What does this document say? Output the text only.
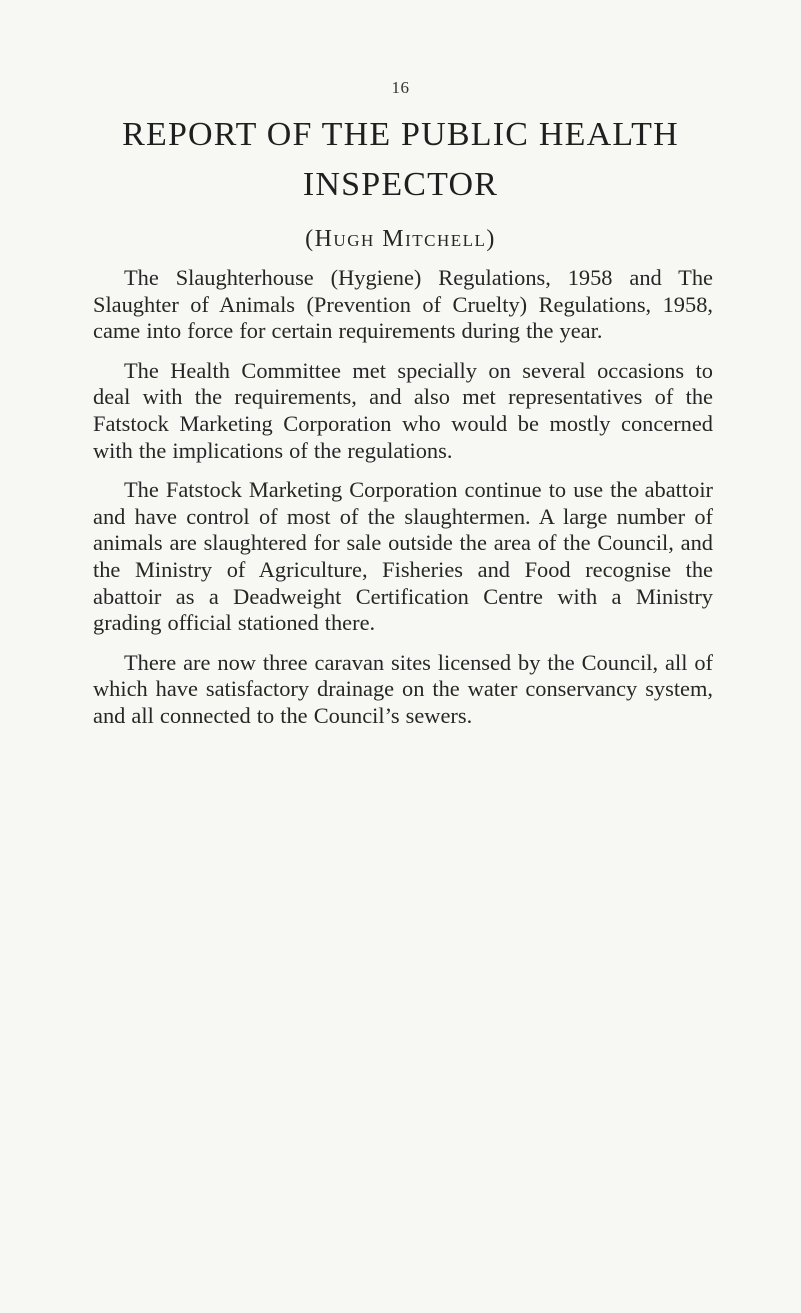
16
REPORT OF THE PUBLIC HEALTH INSPECTOR
(Hugh Mitchell)

The Slaughterhouse (Hygiene) Regulations, 1958 and The Slaughter of Animals (Prevention of Cruelty) Regulations, 1958, came into force for certain requirements during the year.

The Health Committee met specially on several occasions to deal with the requirements, and also met representatives of the Fatstock Marketing Corporation who would be mostly concerned with the implications of the regulations.

The Fatstock Marketing Corporation continue to use the abattoir and have control of most of the slaughtermen. A large number of animals are slaughtered for sale outside the area of the Council, and the Ministry of Agriculture, Fisheries and Food recognise the abattoir as a Deadweight Certification Centre with a Ministry grading official stationed there.

There are now three caravan sites licensed by the Council, all of which have satisfactory drainage on the water conservancy system, and all connected to the Council’s sewers.
